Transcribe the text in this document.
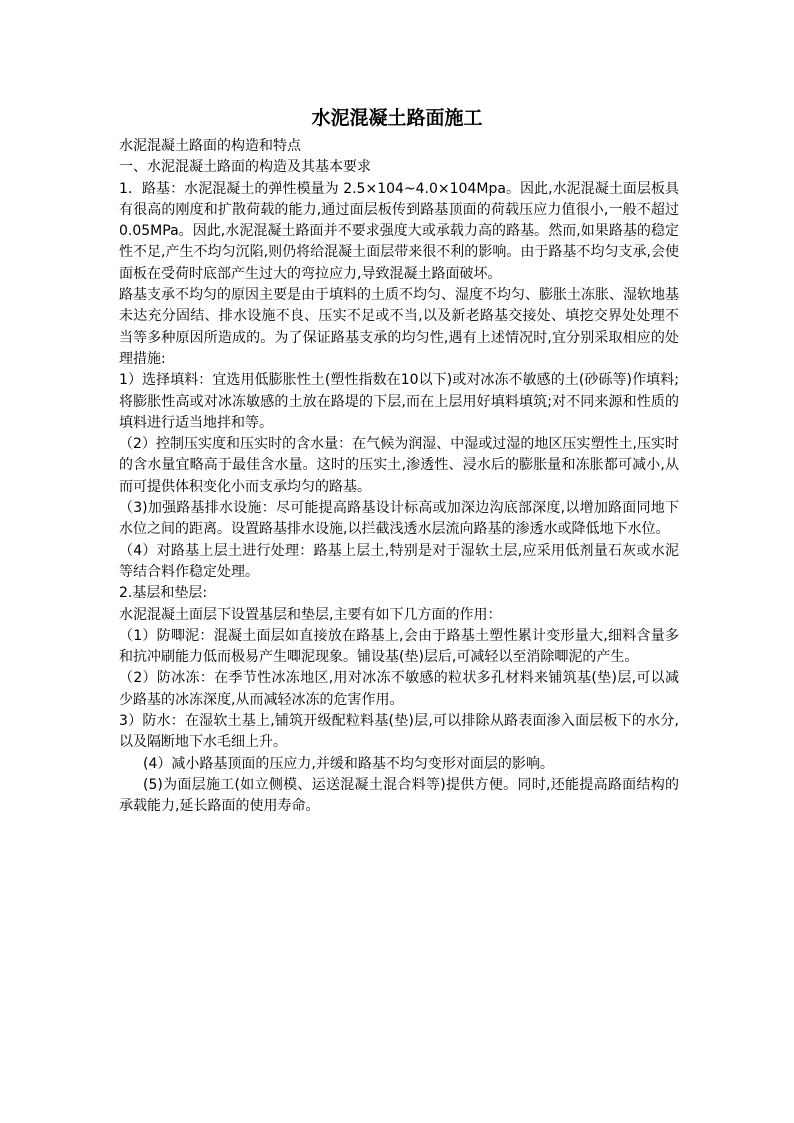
水泥混凝土路面施工

水泥混凝土路面的构造和特点

一、水泥混凝土路面的构造及其基本要求

1．路基：水泥混凝土的弹性模量为 2.5×104~4.0×104Mpa。因此,水泥混凝土面层板具有很高的刚度和扩散荷载的能力,通过面层板传到路基顶面的荷载压应力值很小,一般不超过 0.05MPa。因此,水泥混凝土路面并不要求强度大或承载力高的路基。然而,如果路基的稳定性不足,产生不均匀沉陷,则仍将给混凝土面层带来很不利的影响。由于路基不均匀支承,会使面板在受荷时底部产生过大的弯拉应力,导致混凝土路面破坏。

路基支承不均匀的原因主要是由于填料的土质不均匀、湿度不均匀、膨胀土冻胀、湿软地基未达充分固结、排水设施不良、压实不足或不当,以及新老路基交接处、填挖交界处处理不当等多种原因所造成的。为了保证路基支承的均匀性,遇有上述情况时,宜分别采取相应的处理措施:

1）选择填料：宜选用低膨胀性土(塑性指数在10以下)或对冰冻不敏感的土(砂砾等)作填料;将膨胀性高或对冰冻敏感的土放在路堤的下层,而在上层用好填料填筑;对不同来源和性质的填料进行适当地拌和等。

（2）控制压实度和压实时的含水量：在气候为润湿、中湿或过湿的地区压实塑性土,压实时的含水量宜略高于最佳含水量。这时的压实土,渗透性、浸水后的膨胀量和冻胀都可减小,从而可提供体积变化小而支承均匀的路基。

（3)加强路基排水设施：尽可能提高路基设计标高或加深边沟底部深度,以增加路面同地下水位之间的距离。设置路基排水设施,以拦截浅透水层流向路基的渗透水或降低地下水位。

（4）对路基上层土进行处理：路基上层土,特别是对于湿软土层,应采用低剂量石灰或水泥等结合料作稳定处理。

2.基层和垫层:

水泥混凝土面层下设置基层和垫层,主要有如下几方面的作用：

（1）防唧泥：混凝土面层如直接放在路基上,会由于路基土塑性累计变形量大,细料含量多和抗冲刷能力低而极易产生唧泥现象。铺设基(垫)层后,可减轻以至消除唧泥的产生。

（2）防冰冻：在季节性冰冻地区,用对冰冻不敏感的粒状多孔材料来铺筑基(垫)层,可以减少路基的冰冻深度,从而减轻冰冻的危害作用。

3）防水：在湿软土基上,铺筑开级配粒料基(垫)层,可以排除从路表面渗入面层板下的水分,以及隔断地下水毛细上升。

(4）减小路基顶面的压应力,并缓和路基不均匀变形对面层的影响。

(5)为面层施工(如立侧模、运送混凝土混合料等)提供方便。同时,还能提高路面结构的承载能力,延长路面的使用寿命。
